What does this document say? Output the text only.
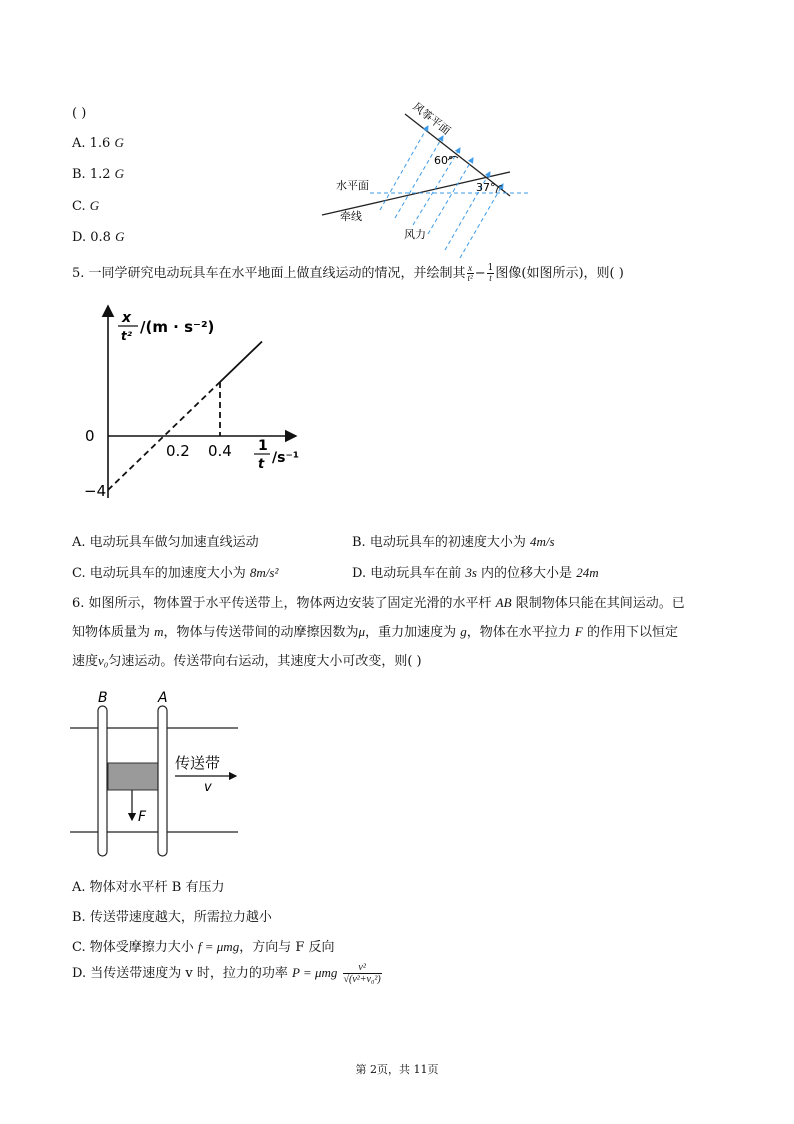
( )
A. 1.6 G
B. 1.2 G
C. G
D. 0.8 G
风筝平面
60°
37°
水平面
牵线
风力
5. 一同学研究电动玩具车在水平地面上做直线运动的情况，并绘制其 $\frac{x}{\text{t²}} - \frac{1}{t}$ 图像(如图所示)，则( )
0
−4
0.2 0.4
x
t² /(m · s⁻²)
1
t /s⁻¹
A. 电动玩具车做匀加速直线运动	B. 电动玩具车的初速度大小为 4m/s
C. 电动玩具车的加速度大小为 8m/s²	D. 电动玩具车在前 3s 内的位移大小是 24m
6. 如图所示，物体置于水平传送带上，物体两边安装了固定光滑的水平杆 AB 限制物体只能在其间运动。已
知物体质量为 m，物体与传送带间的动摩擦因数为μ，重力加速度为 g，物体在水平拉力 F 的作用下以恒定
速度v₀匀速运动。传送带向右运动，其速度大小可改变，则( )
B	A
F
传送带
v
A. 物体对水平杆 B 有压力
B. 传送带速度越大，所需拉力越小
C. 物体受摩擦力大小 f = μmg，方向与 F 反向
D. 当传送带速度为 v 时，拉力的功率 P = μmg $\frac{\text{v²}}{\text{√(v²+v₀²)}}$
第 2页，共 11页
